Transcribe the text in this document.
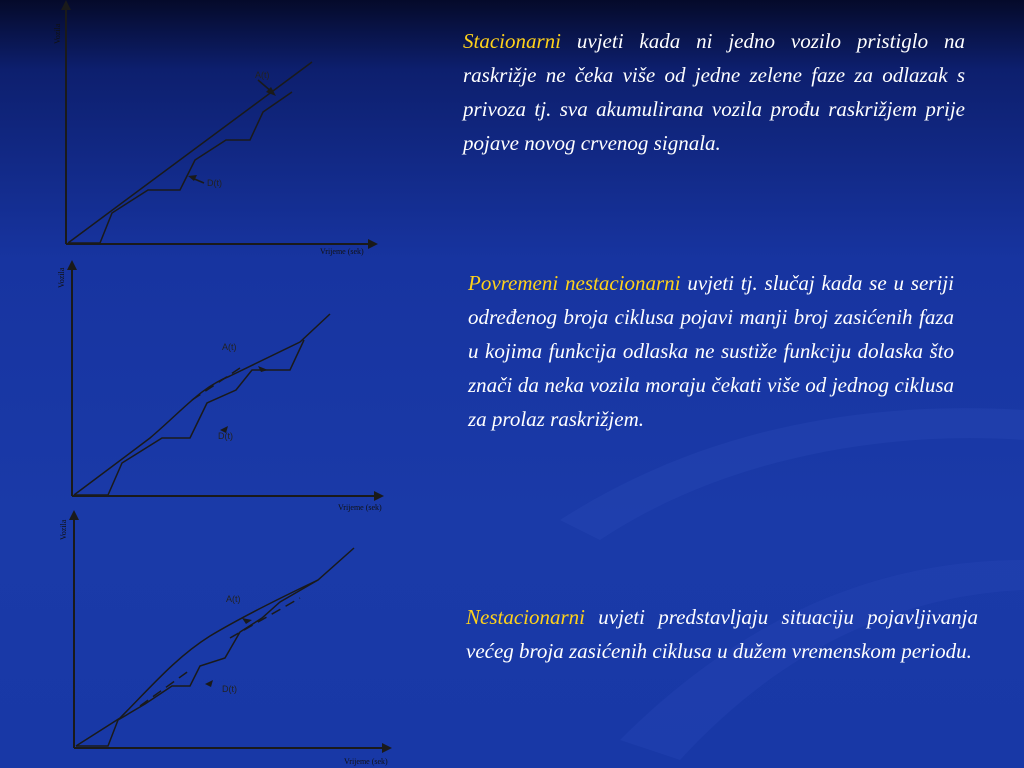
A(t)
D(t)
Vrijeme (sek)
Vozila
A(t)
D(t)
Vrijeme (sek)
Vozila
A(t)
D(t)
Vrijeme (sek)
Vozila
Stacionarni uvjeti kada ni jedno vozilo pristiglo na raskrižje ne čeka više od jedne zelene faze za odlazak s privoza tj. sva akumulirana vozila prođu raskrižjem prije pojave novog crvenog signala.
Povremeni nestacionarni uvjeti tj. slučaj kada se u seriji određenog broja ciklusa pojavi manji broj zasićenih faza u kojima funkcija odlaska ne sustiže funkciju dolaska što znači da neka vozila moraju čekati više od jednog ciklusa za prolaz raskrižjem.
Nestacionarni uvjeti predstavljaju situaciju pojavljivanja većeg broja zasićenih ciklusa u dužem vremenskom periodu.
